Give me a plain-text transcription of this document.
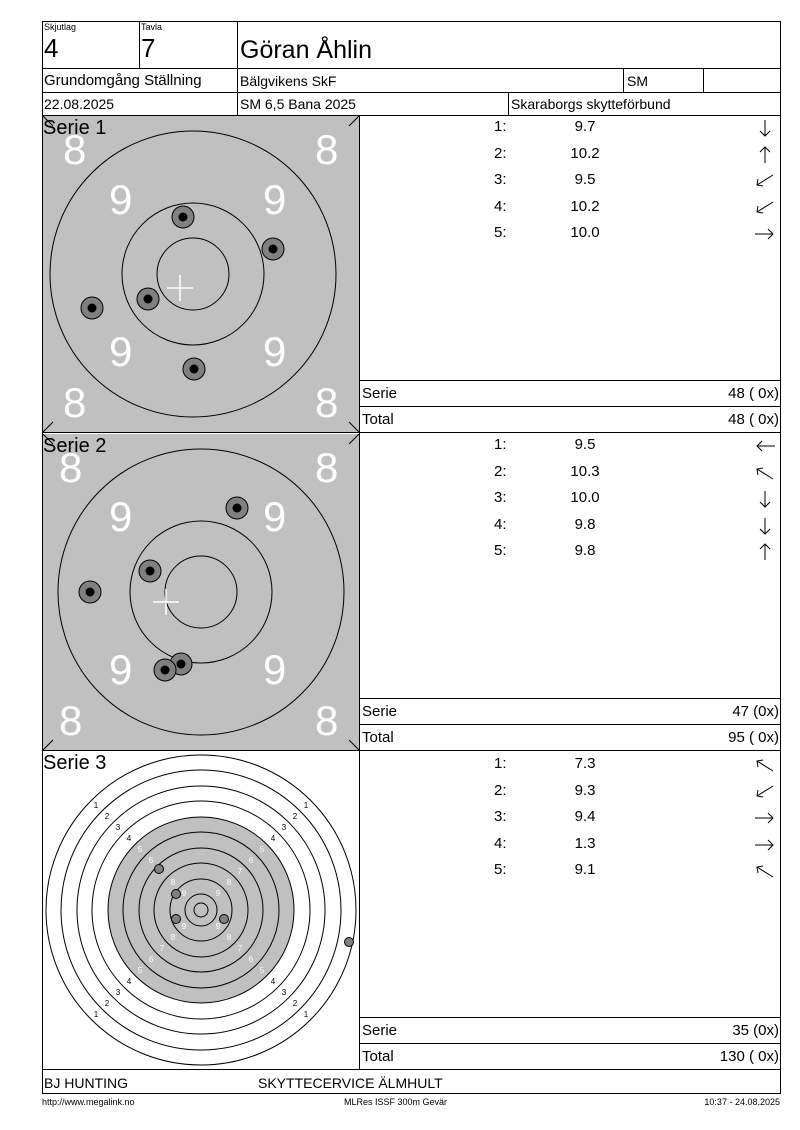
Skjutlag
4
Tavla
7	Göran Åhlin
Grundomgång Ställning	Bälgvikens SkF	SM
22.08.2025	SM 6,5 Bana 2025	Skaraborgs skytteförbund
8	8
8	8
9	9
9	9
Serie 1
8	8
8	8
9	9
9	9
Serie 2
1
2
3
4
5
6
8
9
1
2
3
4
5
6
7
8
9
1
2
3
4
5
6
7
8
9
1
2
3
4
5
6
7
8
9
Serie 3
1:	9.7
2:	10.2
3:	9.5
4:	10.2
5:	10.0
1:	9.5
2:	10.3
3:	10.0
4:	9.8
5:	9.8
1:	7.3
2:	9.3
3:	9.4
4:	1.3
5:	9.1
Serie	48 ( 0x)
Total	48 ( 0x)
Serie	47 (0x)
Total	95 ( 0x)
Serie	35 (0x)
Total	130 ( 0x)
BJ HUNTING	SKYTTECERVICE ÄLMHULT
http://www.megalink.no	MLRes ISSF 300m Gevär	10:37 - 24.08.2025
